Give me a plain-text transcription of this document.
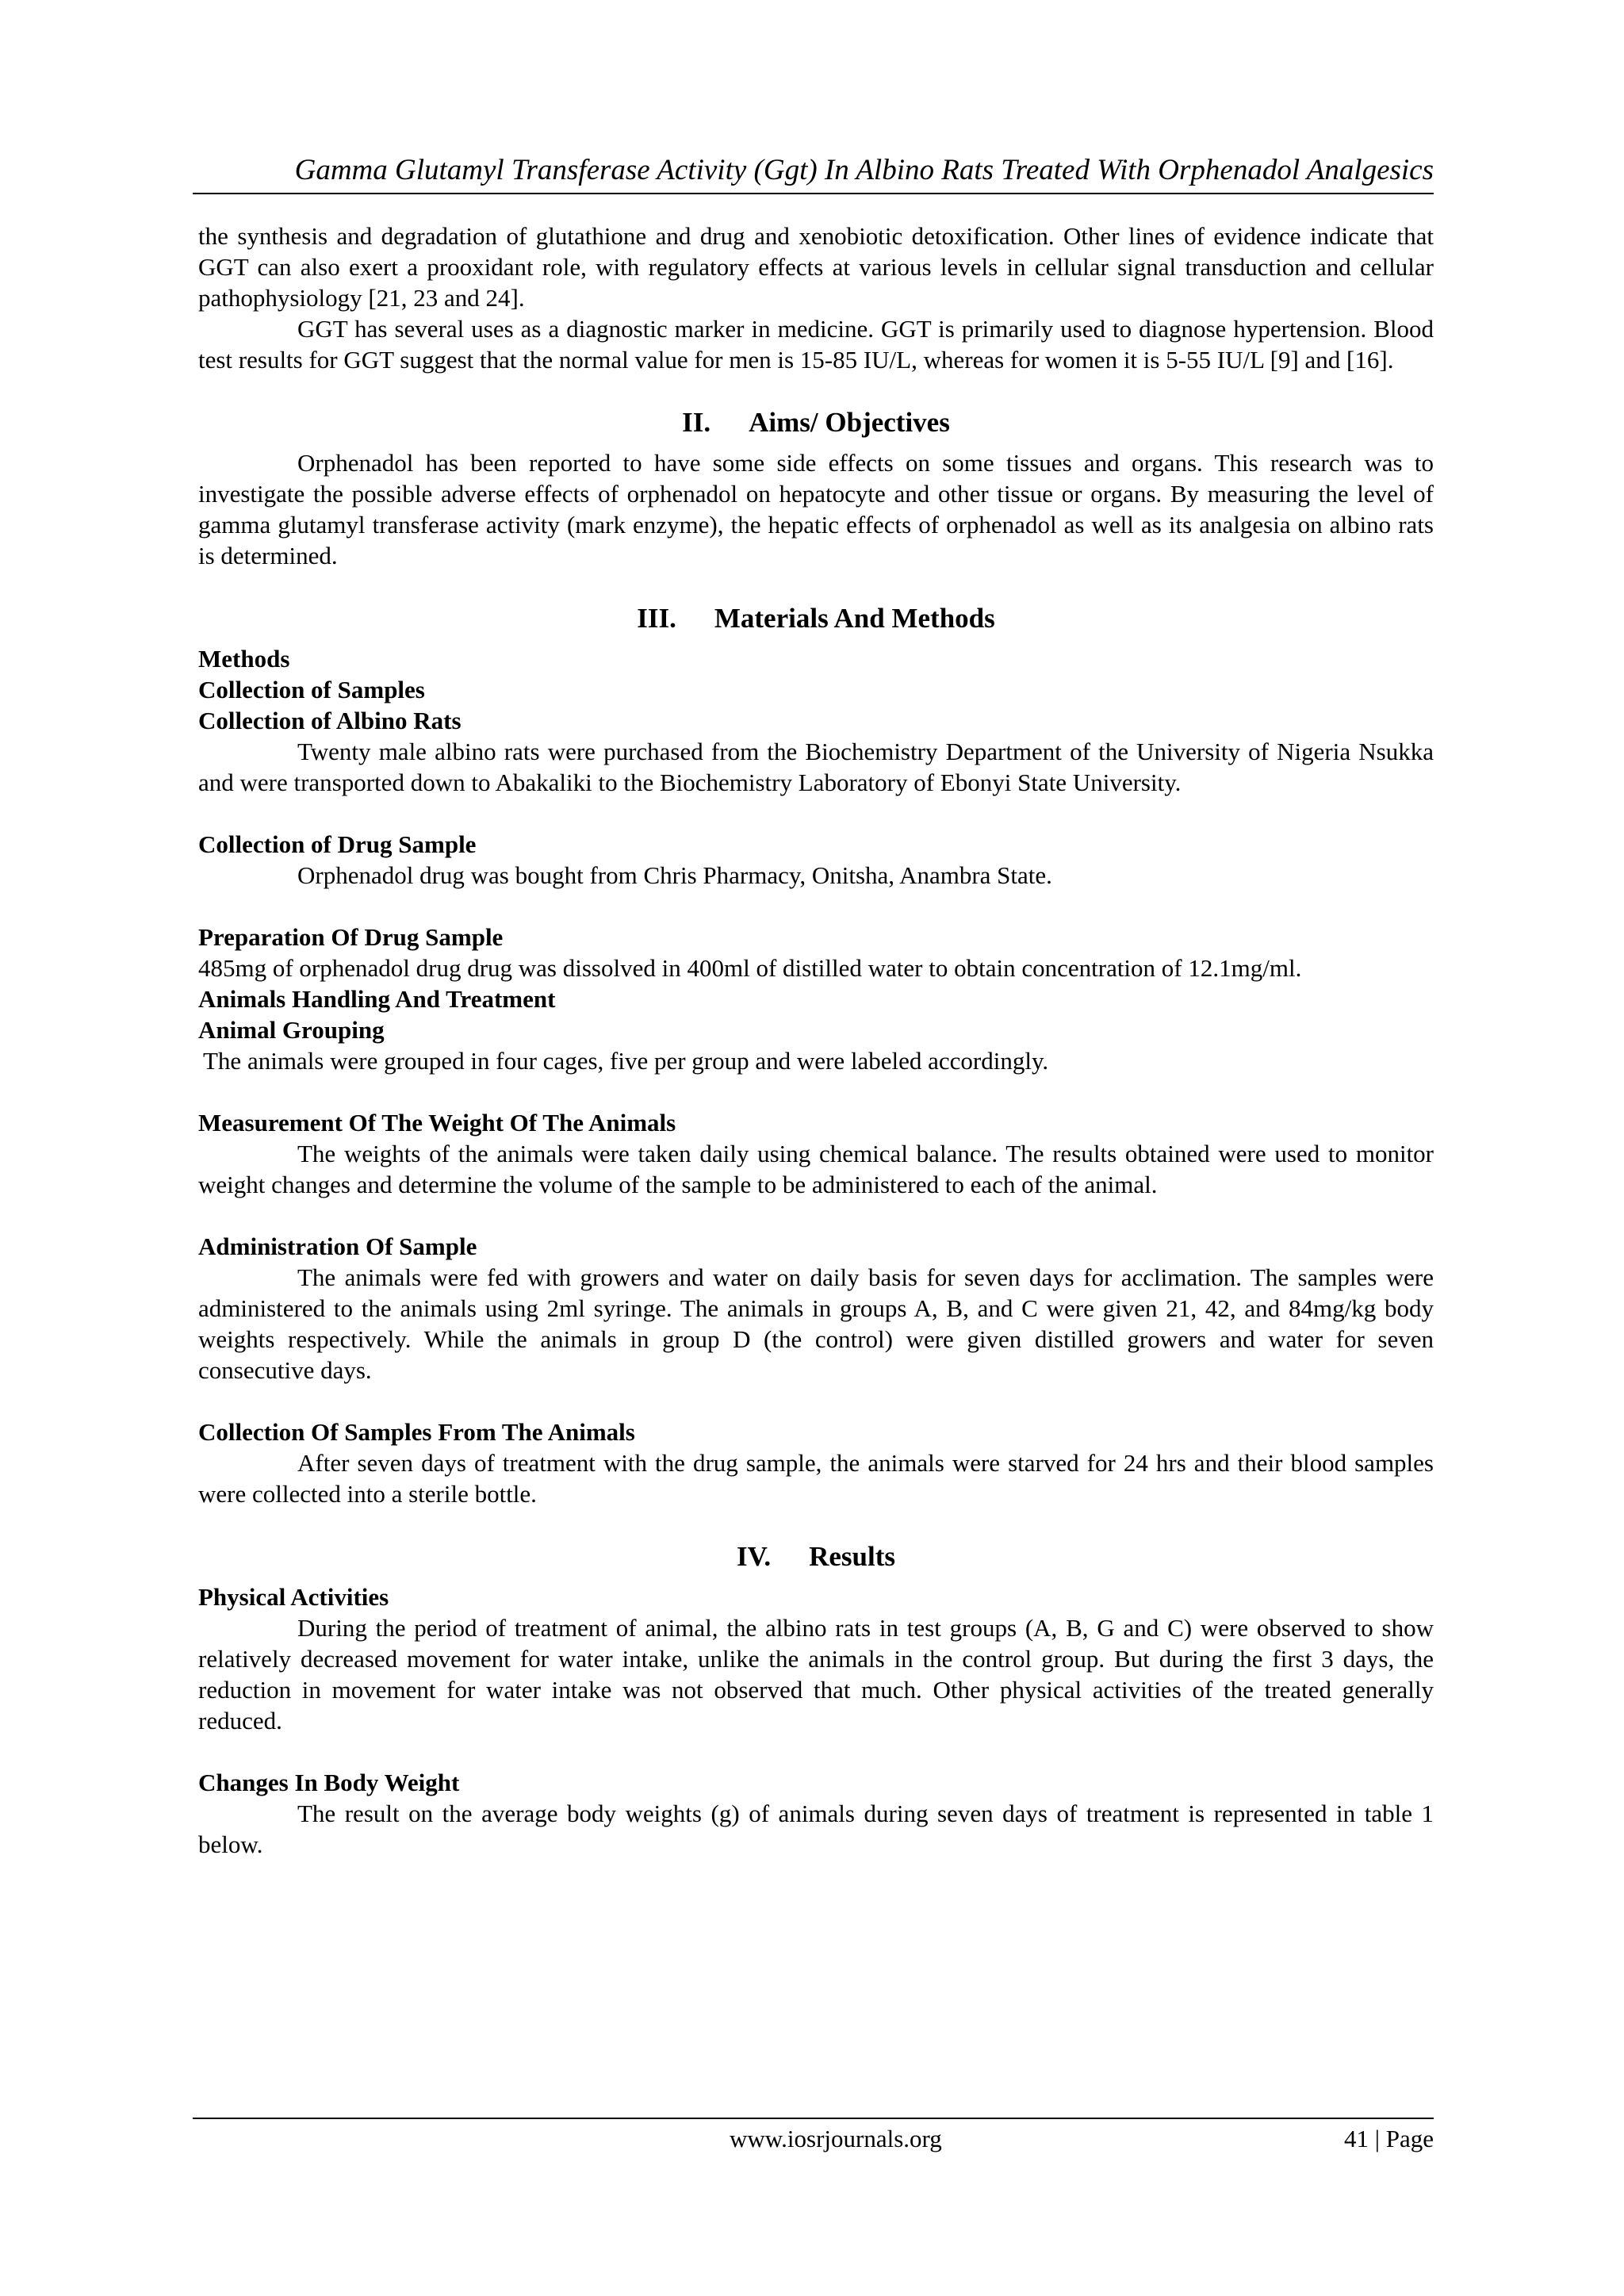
Gamma Glutamyl Transferase Activity (Ggt) In Albino Rats Treated With Orphenadol Analgesics

the synthesis and degradation of glutathione and drug and xenobiotic detoxification. Other lines of evidence indicate that GGT can also exert a prooxidant role, with regulatory effects at various levels in cellular signal transduction and cellular pathophysiology [21, 23 and 24].

GGT has several uses as a diagnostic marker in medicine. GGT is primarily used to diagnose hypertension. Blood test results for GGT suggest that the normal value for men is 15-85 IU/L, whereas for women it is 5-55 IU/L [9] and [16].

II. Aims/ Objectives

Orphenadol has been reported to have some side effects on some tissues and organs. This research was to investigate the possible adverse effects of orphenadol on hepatocyte and other tissue or organs. By measuring the level of gamma glutamyl transferase activity (mark enzyme), the hepatic effects of orphenadol as well as its analgesia on albino rats is determined.

III. Materials And Methods

Methods

Collection of Samples

Collection of Albino Rats

Twenty male albino rats were purchased from the Biochemistry Department of the University of Nigeria Nsukka and were transported down to Abakaliki to the Biochemistry Laboratory of Ebonyi State University.

Collection of Drug Sample

Orphenadol drug was bought from Chris Pharmacy, Onitsha, Anambra State.

Preparation Of Drug Sample

485mg of orphenadol drug drug was dissolved in 400ml of distilled water to obtain concentration of 12.1mg/ml.

Animals Handling And Treatment

Animal Grouping

The animals were grouped in four cages, five per group and were labeled accordingly.

Measurement Of The Weight Of The Animals

The weights of the animals were taken daily using chemical balance. The results obtained were used to monitor weight changes and determine the volume of the sample to be administered to each of the animal.

Administration Of Sample

The animals were fed with growers and water on daily basis for seven days for acclimation. The samples were administered to the animals using 2ml syringe. The animals in groups A, B, and C were given 21, 42, and 84mg/kg body weights respectively. While the animals in group D (the control) were given distilled growers and water for seven consecutive days.

Collection Of Samples From The Animals

After seven days of treatment with the drug sample, the animals were starved for 24 hrs and their blood samples were collected into a sterile bottle.

IV. Results

Physical Activities

During the period of treatment of animal, the albino rats in test groups (A, B, G and C) were observed to show relatively decreased movement for water intake, unlike the animals in the control group. But during the first 3 days, the reduction in movement for water intake was not observed that much. Other physical activities of the treated generally reduced.

Changes In Body Weight

The result on the average body weights (g) of animals during seven days of treatment is represented in table 1 below.

www.iosrjournals.org	41 | Page
